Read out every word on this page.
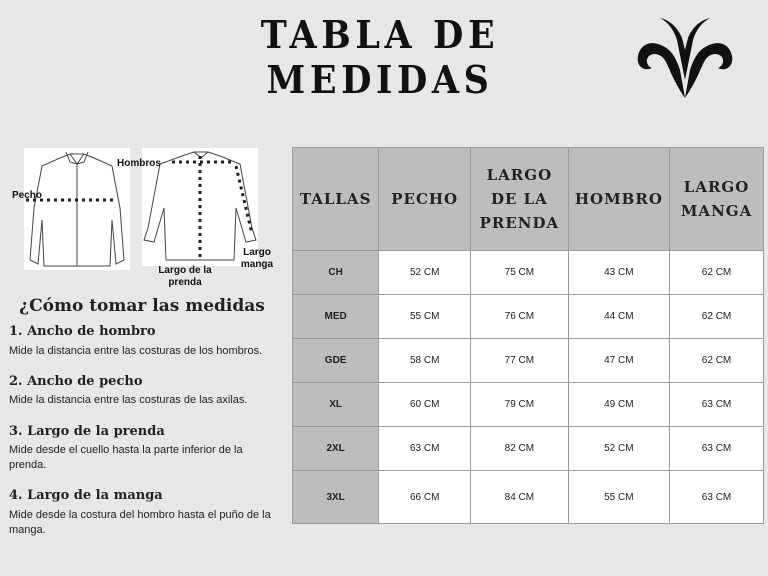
TABLA DE MEDIDAS
Pecho
Hombros
Largo de la prenda
Largo manga
¿Cómo tomar las medidas
1. Ancho de hombro
Mide la distancia entre las costuras de los hombros.
2. Ancho de pecho
Mide la distancia entre las costuras de las axilas.
3. Largo de la prenda
Mide desde el cuello hasta la parte inferior de la prenda.
4. Largo de la manga
Mide desde la costura del hombro hasta el puño de la manga.
TALLAS	PECHO	LARGO DE LA PRENDA	HOMBRO	LARGO MANGA
CH	52 CM	75 CM	43 CM	62 CM
MED	55 CM	76 CM	44 CM	62 CM
GDE	58 CM	77 CM	47 CM	62 CM
XL	60 CM	79 CM	49 CM	63 CM
2XL	63 CM	82 CM	52 CM	63 CM
3XL	66 CM	84 CM	55 CM	63 CM
